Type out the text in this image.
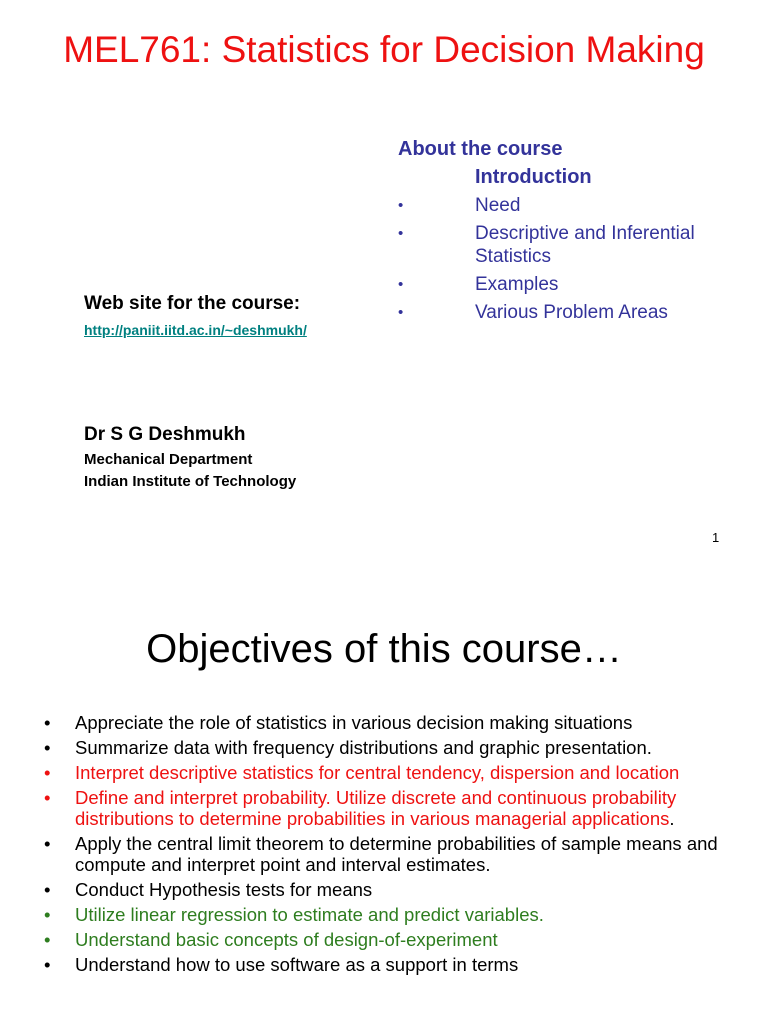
MEL761: Statistics for Decision Making
About the course
Introduction
•	Need
•	Descriptive and Inferential Statistics
•	Examples
•	Various Problem Areas
Web site for the course:
http://paniit.iitd.ac.in/~deshmukh/
Dr S G Deshmukh
Mechanical Department
Indian Institute of Technology
1
Objectives of this course…
• Appreciate the role of statistics in various decision making situations
• Summarize data with frequency distributions and graphic presentation.
• Interpret descriptive statistics for central tendency, dispersion and location
• Define and interpret probability. Utilize discrete and continuous probability distributions to determine probabilities in various managerial applications.
• Apply the central limit theorem to determine probabilities of sample means and compute and interpret point and interval estimates.
• Conduct Hypothesis tests for means
• Utilize linear regression to estimate and predict variables.
• Understand basic concepts of design-of-experiment
• Understand how to use software as a support in terms
